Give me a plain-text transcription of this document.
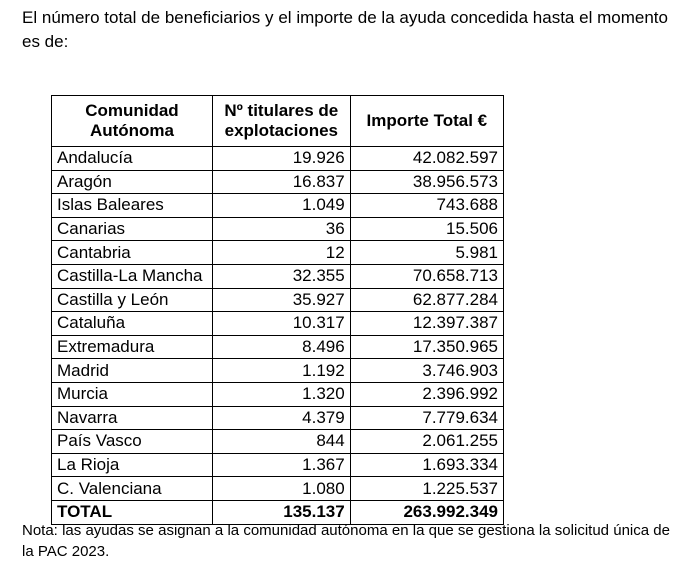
El número total de beneficiarios y el importe de la ayuda concedida hasta el momento es de:

Comunidad Autónoma	Nº titulares de explotaciones	Importe Total €
Andalucía	19.926	42.082.597
Aragón	16.837	38.956.573
Islas Baleares	1.049	743.688
Canarias	36	15.506
Cantabria	12	5.981
Castilla-La Mancha	32.355	70.658.713
Castilla y León	35.927	62.877.284
Cataluña	10.317	12.397.387
Extremadura	8.496	17.350.965
Madrid	1.192	3.746.903
Murcia	1.320	2.396.992
Navarra	4.379	7.779.634
País Vasco	844	2.061.255
La Rioja	1.367	1.693.334
C. Valenciana	1.080	1.225.537
TOTAL	135.137	263.992.349

Nota: las ayudas se asignan a la comunidad autónoma en la que se gestiona la solicitud única de la PAC 2023.
